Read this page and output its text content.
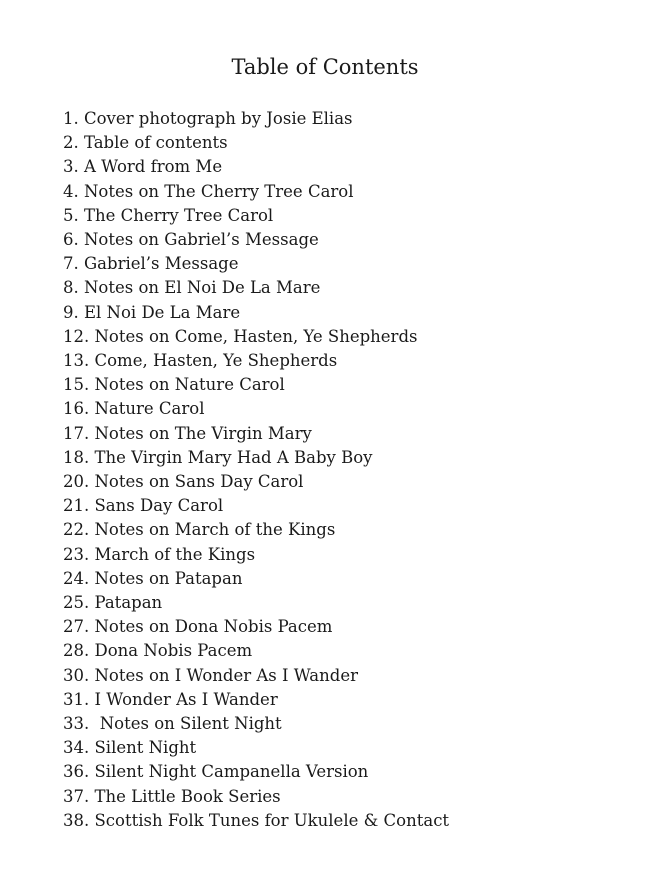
Table of Contents
1. Cover photograph by Josie Elias
2. Table of contents
3. A Word from Me
4. Notes on The Cherry Tree Carol
5. The Cherry Tree Carol
6. Notes on Gabriel’s Message
7. Gabriel’s Message
8. Notes on El Noi De La Mare
9. El Noi De La Mare
12. Notes on Come, Hasten, Ye Shepherds
13. Come, Hasten, Ye Shepherds
15. Notes on Nature Carol
16. Nature Carol
17. Notes on The Virgin Mary
18. The Virgin Mary Had A Baby Boy
20. Notes on Sans Day Carol
21. Sans Day Carol
22. Notes on March of the Kings
23. March of the Kings
24. Notes on Patapan
25. Patapan
27. Notes on Dona Nobis Pacem
28. Dona Nobis Pacem
30. Notes on I Wonder As I Wander
31. I Wonder As I Wander
33.  Notes on Silent Night
34. Silent Night
36. Silent Night Campanella Version
37. The Little Book Series
38. Scottish Folk Tunes for Ukulele & Contact
